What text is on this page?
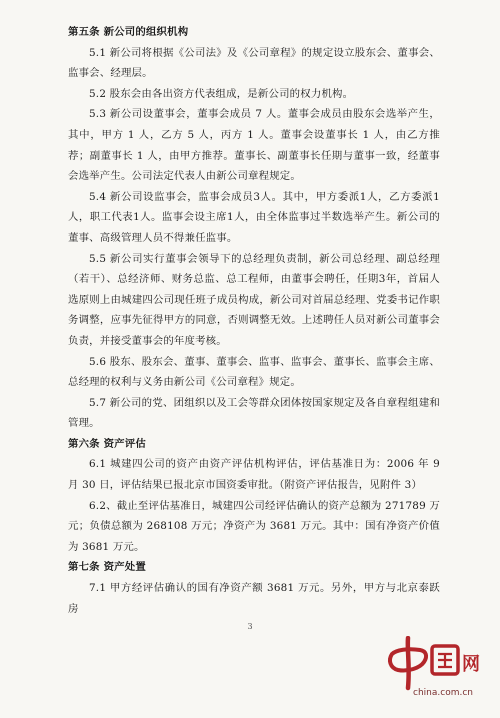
第五条 新公司的组织机构

5.1 新公司将根据《公司法》及《公司章程》的规定设立股东会、董事会、监事会、经理层。

5.2 股东会由各出资方代表组成，是新公司的权力机构。

5.3 新公司设董事会，董事会成员 7 人。董事会成员由股东会选举产生，其中，甲方 1 人，乙方 5 人，丙方 1 人。董事会设董事长 1 人，由乙方推荐；副董事长 1 人，由甲方推荐。董事长、副董事长任期与董事一致，经董事会选举产生。公司法定代表人由新公司章程规定。

5.4 新公司设监事会，监事会成员3人。其中，甲方委派1人，乙方委派1人，职工代表1人。监事会设主席1人，由全体监事过半数选举产生。新公司的董事、高级管理人员不得兼任监事。

5.5 新公司实行董事会领导下的总经理负责制，新公司总经理、副总经理（若干）、总经济师、财务总监、总工程师，由董事会聘任，任期3年，首届人选原则上由城建四公司现任班子成员构成，新公司对首届总经理、党委书记作职务调整，应事先征得甲方的同意，否则调整无效。上述聘任人员对新公司董事会负责，并接受董事会的年度考核。

5.6 股东、股东会、董事、董事会、监事、监事会、董事长、监事会主席、总经理的权利与义务由新公司《公司章程》规定。

5.7 新公司的党、团组织以及工会等群众团体按国家规定及各自章程组建和管理。

第六条 资产评估

6.1 城建四公司的资产由资产评估机构评估，评估基准日为：2006 年 9 月 30 日，评估结果已报北京市国资委审批。（附资产评估报告，见附件 3）

6.2、截止至评估基准日，城建四公司经评估确认的资产总额为 271789 万元；负债总额为 268108 万元；净资产为 3681 万元。其中：国有净资产价值为 3681 万元。

第七条 资产处置

7.1 甲方经评估确认的国有净资产额 3681 万元。另外，甲方与北京泰跃房

3
网
china.com.cn
